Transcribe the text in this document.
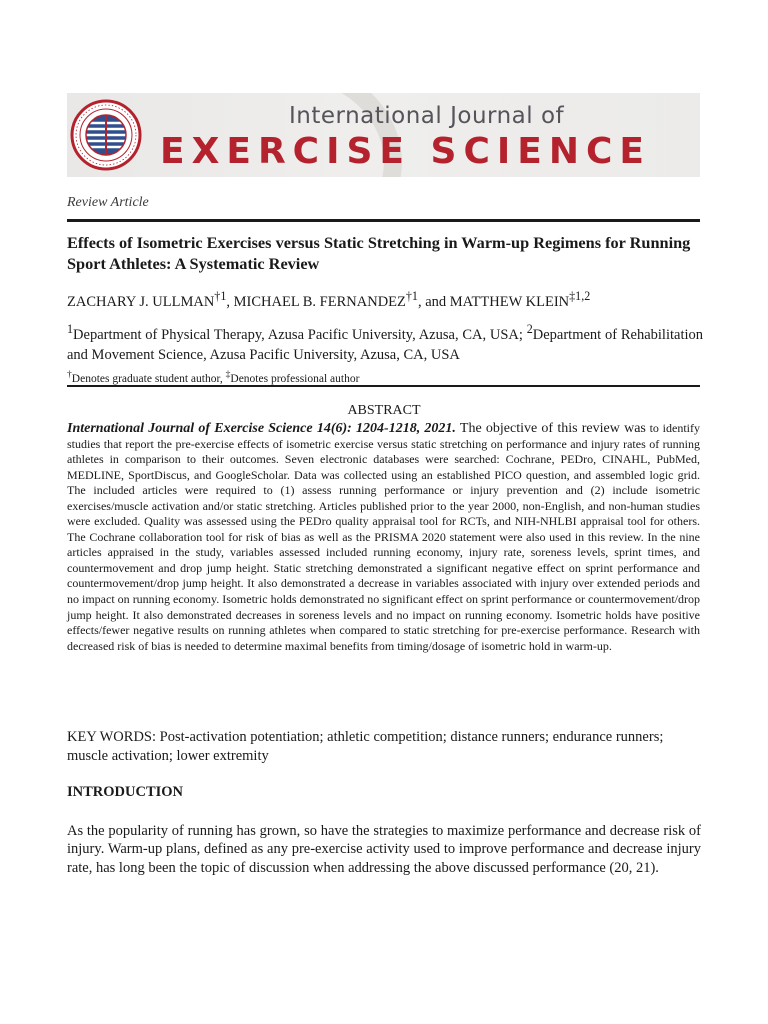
International Journal of
EXERCISE SCIENCE
Review Article
Effects of Isometric Exercises versus Static Stretching in Warm-up Regimens for Running Sport Athletes: A Systematic Review
ZACHARY J. ULLMAN$^{\dagger 1}$, MICHAEL B. FERNANDEZ$^{\dagger 1}$, and MATTHEW KLEIN$^{\ddagger 1,2}$
$^1$Department of Physical Therapy, Azusa Pacific University, Azusa, CA, USA; $^2$Department of Rehabilitation and Movement Science, Azusa Pacific University, Azusa, CA, USA
†Denotes graduate student author, ‡Denotes professional author
ABSTRACT
International Journal of Exercise Science 14(6): 1204-1218, 2021. The objective of this review was to identify studies that report the pre-exercise effects of isometric exercise versus static stretching on performance and injury rates of running athletes in comparison to their outcomes. Seven electronic databases were searched: Cochrane, PEDro, CINAHL, PubMed, MEDLINE, SportDiscus, and GoogleScholar. Data was collected using an established PICO question, and assembled logic grid. The included articles were required to (1) assess running performance or injury prevention and (2) include isometric exercises/muscle activation and/or static stretching. Articles published prior to the year 2000, non-English, and non-human studies were excluded. Quality was assessed using the PEDro quality appraisal tool for RCTs, and NIH-NHLBI appraisal tool for others. The Cochrane collaboration tool for risk of bias as well as the PRISMA 2020 statement were also used in this review. In the nine articles appraised in the study, variables assessed included running economy, injury rate, soreness levels, sprint times, and countermovement and drop jump height. Static stretching demonstrated a significant negative effect on sprint performance and countermovement/drop jump height. It also demonstrated a decrease in variables associated with injury over extended periods and no impact on running economy. Isometric holds demonstrated no significant effect on sprint performance or countermovement/drop jump height. It also demonstrated decreases in soreness levels and no impact on running economy. Isometric holds have positive effects/fewer negative results on running athletes when compared to static stretching for pre-exercise performance. Research with decreased risk of bias is needed to determine maximal benefits from timing/dosage of isometric hold in warm-up.
KEY WORDS: Post-activation potentiation; athletic competition; distance runners; endurance runners; muscle activation; lower extremity
INTRODUCTION
As the popularity of running has grown, so have the strategies to maximize performance and decrease risk of injury. Warm-up plans, defined as any pre-exercise activity used to improve performance and decrease injury rate, has long been the topic of discussion when addressing the above discussed performance (20, 21).
